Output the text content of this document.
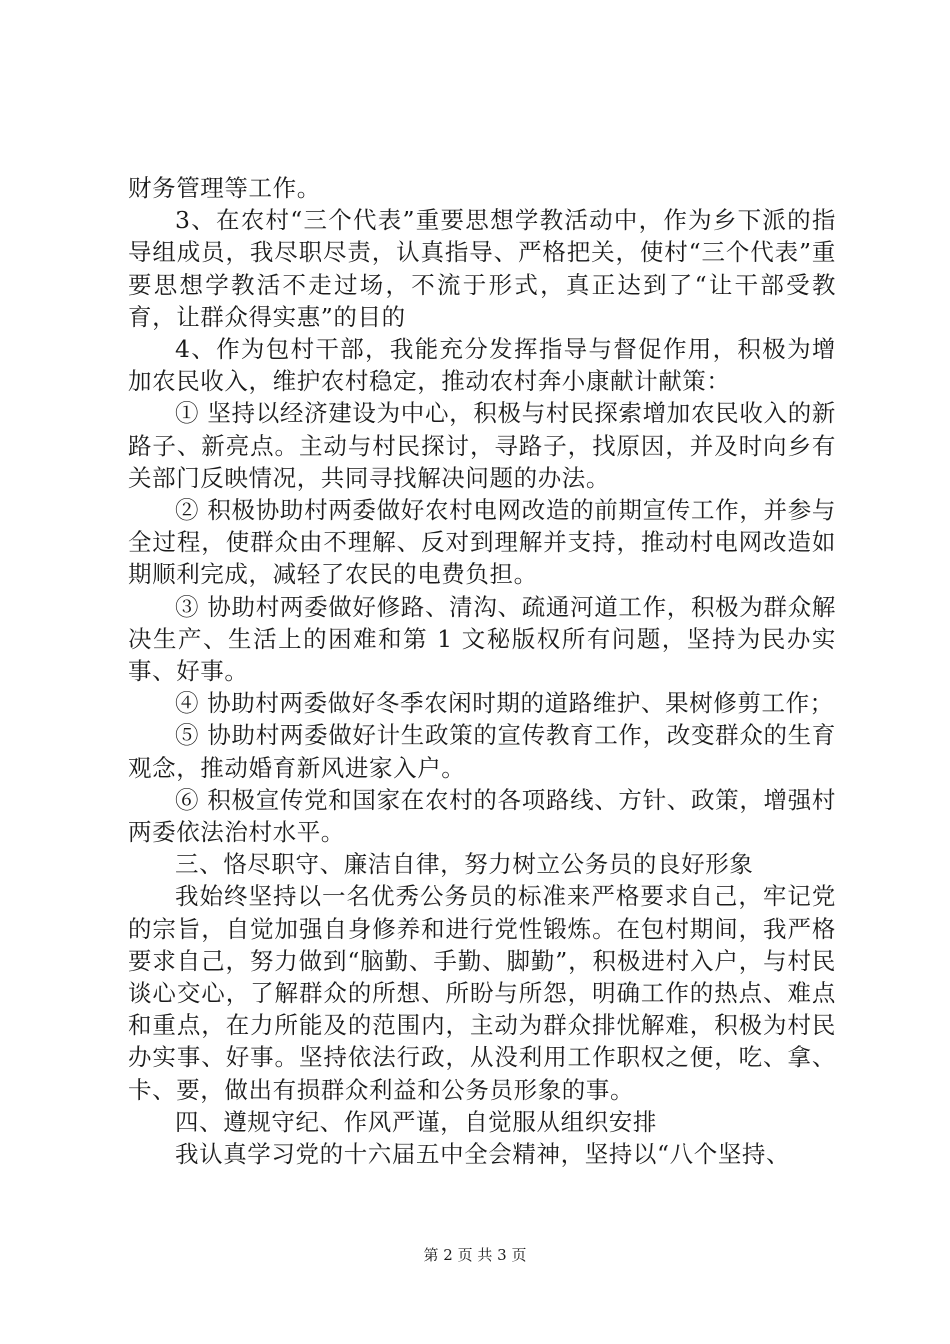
财务管理等工作。

3、在农村“三个代表”重要思想学教活动中，作为乡下派的指导组成员，我尽职尽责，认真指导、严格把关，使村“三个代表”重要思想学教活不走过场，不流于形式，真正达到了“让干部受教育，让群众得实惠”的目的

4、作为包村干部，我能充分发挥指导与督促作用，积极为增加农民收入，维护农村稳定，推动农村奔小康献计献策：

① 坚持以经济建设为中心，积极与村民探索增加农民收入的新路子、新亮点。主动与村民探讨，寻路子，找原因，并及时向乡有关部门反映情况，共同寻找解决问题的办法。

② 积极协助村两委做好农村电网改造的前期宣传工作，并参与全过程，使群众由不理解、反对到理解并支持，推动村电网改造如期顺利完成，减轻了农民的电费负担。

③ 协助村两委做好修路、清沟、疏通河道工作，积极为群众解决生产、生活上的困难和第 1 文秘版权所有问题，坚持为民办实事、好事。

④ 协助村两委做好冬季农闲时期的道路维护、果树修剪工作；

⑤ 协助村两委做好计生政策的宣传教育工作，改变群众的生育观念，推动婚育新风进家入户。

⑥ 积极宣传党和国家在农村的各项路线、方针、政策，增强村两委依法治村水平。

三、恪尽职守、廉洁自律，努力树立公务员的良好形象

我始终坚持以一名优秀公务员的标准来严格要求自己，牢记党的宗旨，自觉加强自身修养和进行党性锻炼。在包村期间，我严格要求自己，努力做到“脑勤、手勤、脚勤”，积极进村入户，与村民谈心交心，了解群众的所想、所盼与所怨，明确工作的热点、难点和重点，在力所能及的范围内，主动为群众排忧解难，积极为村民办实事、好事。坚持依法行政，从没利用工作职权之便，吃、拿、卡、要，做出有损群众利益和公务员形象的事。

四、遵规守纪、作风严谨，自觉服从组织安排

我认真学习党的十六届五中全会精神，坚持以“八个坚持、

第 2 页 共 3 页
